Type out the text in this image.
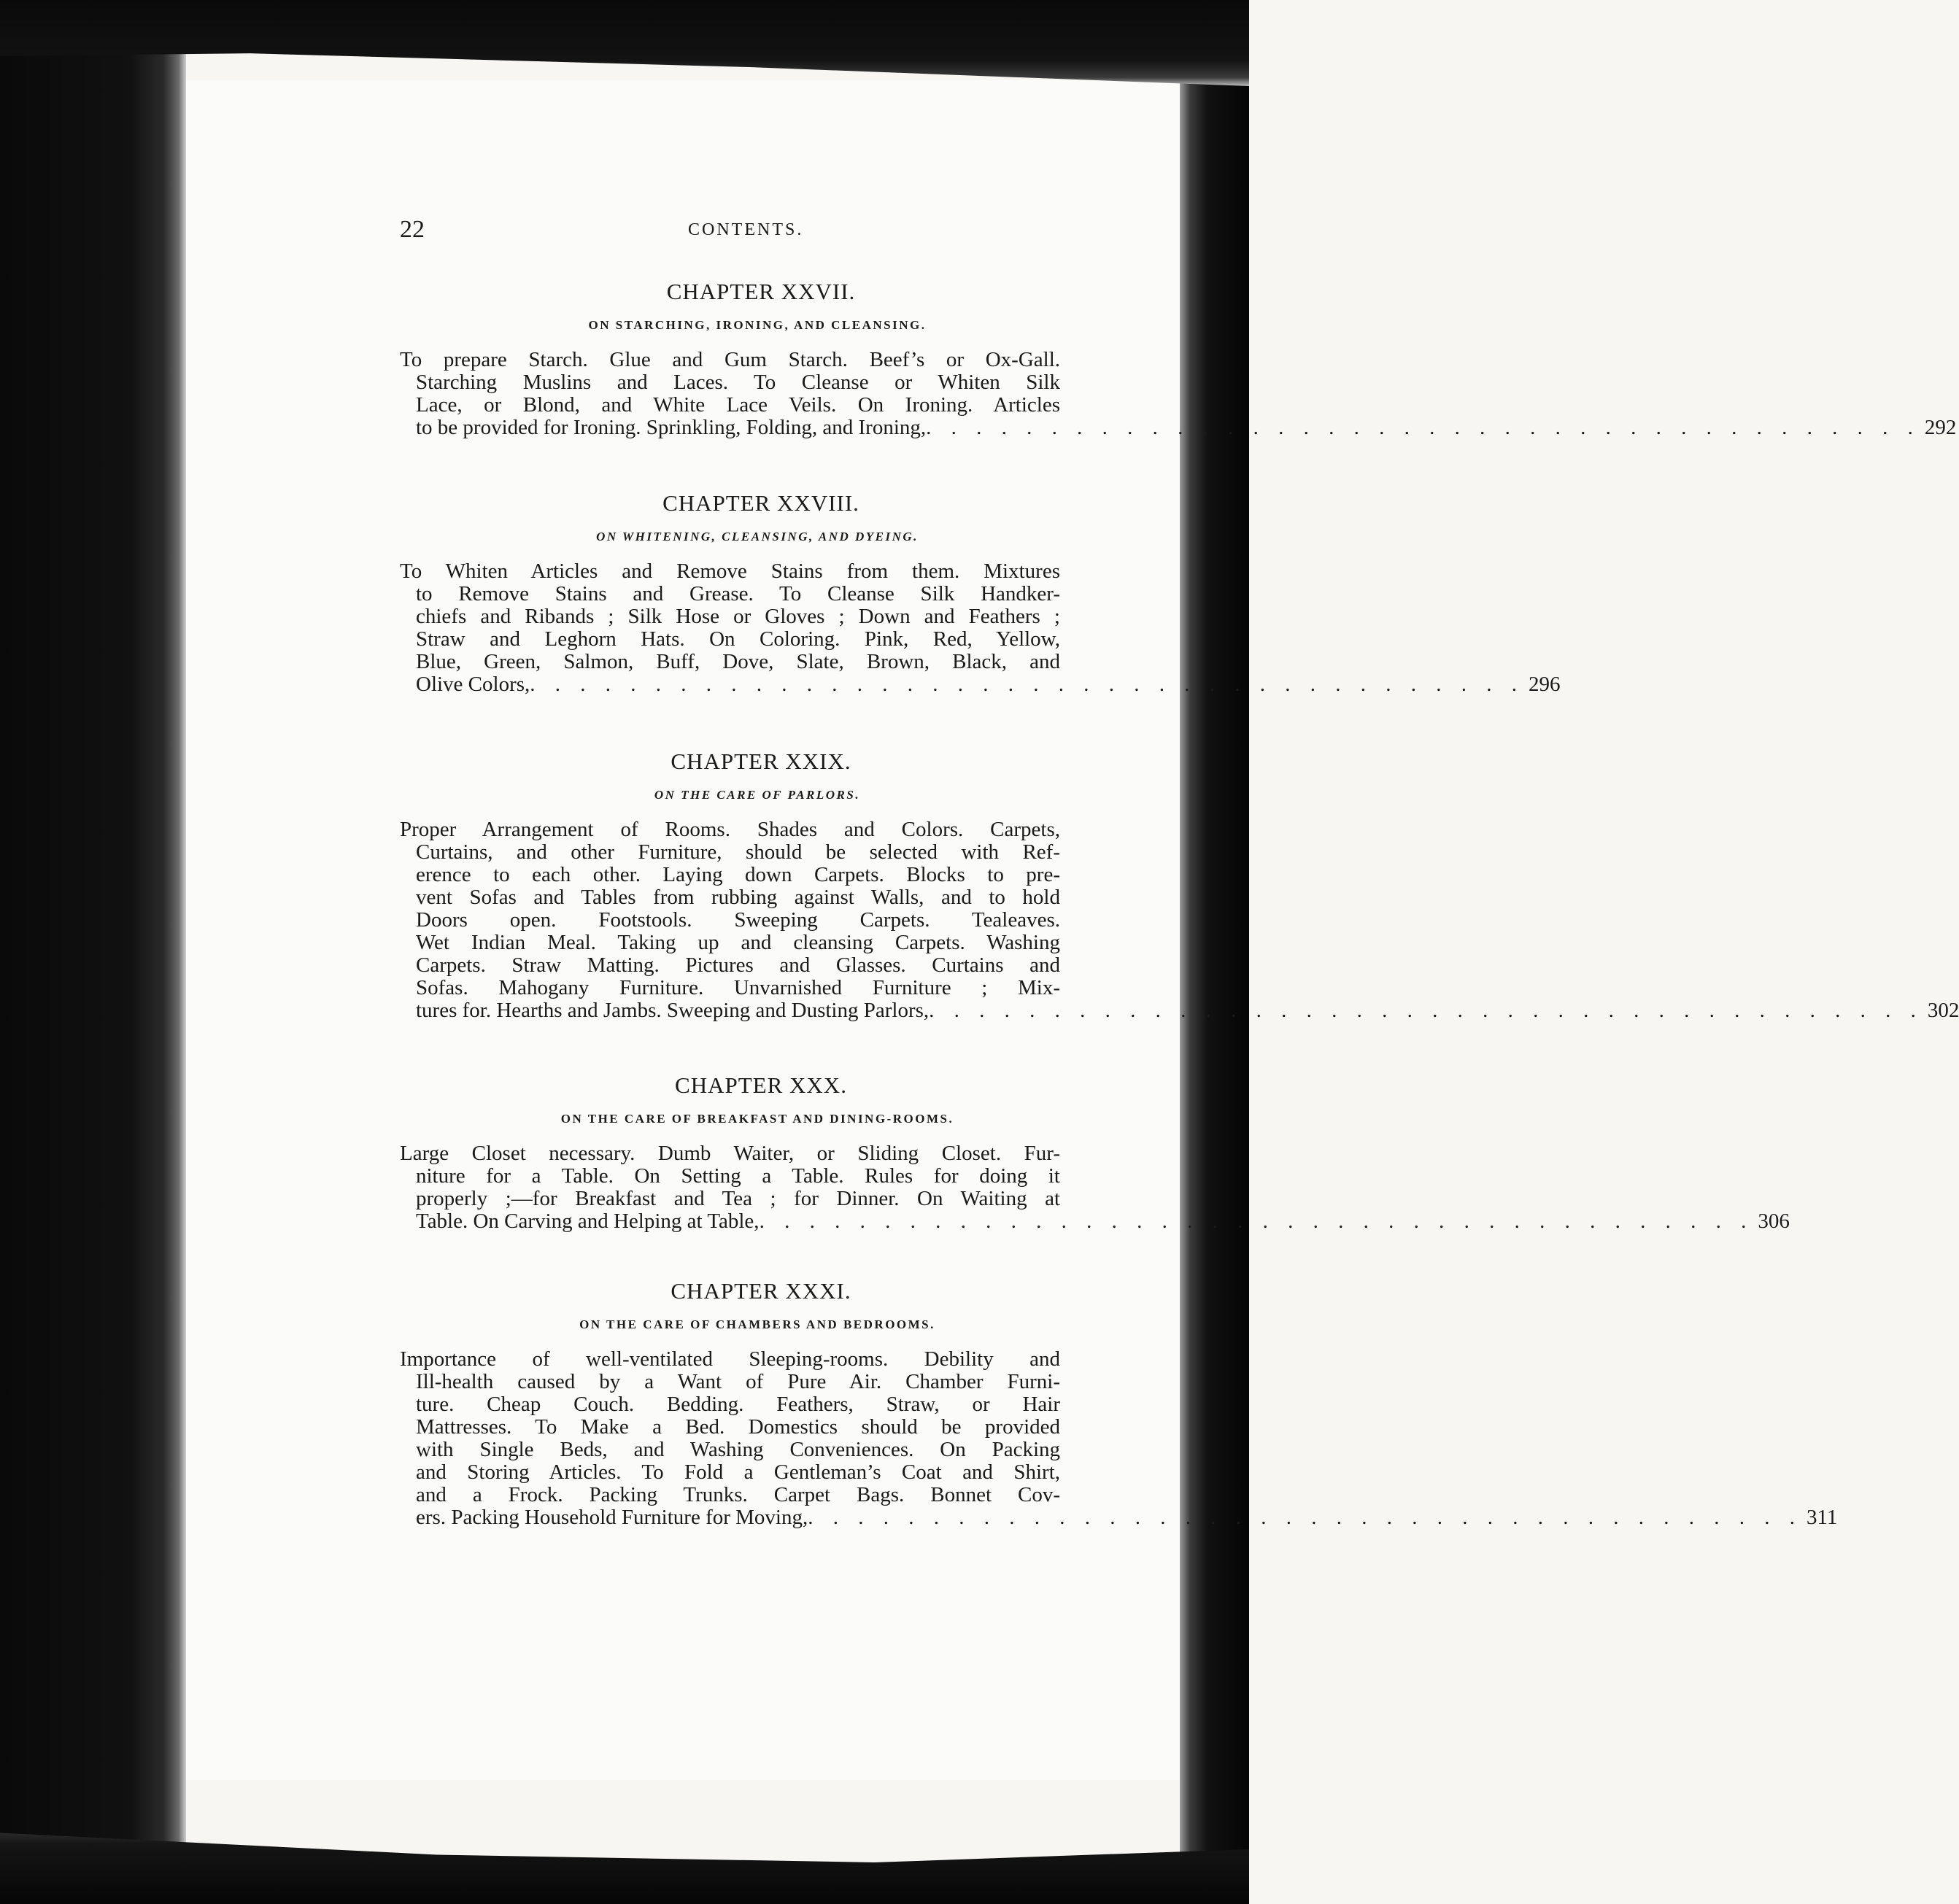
22	CONTENTS.

CHAPTER XXVII.

ON STARCHING, IRONING, AND CLEANSING.
To prepare Starch. Glue and Gum Starch. Beef’s or Ox-Gall.
Starching Muslins and Laces. To Cleanse or Whiten Silk
Lace, or Blond, and White Lace Veils. On Ironing. Articles
to be provided for Ironing. Sprinkling, Folding, and Ironing, . . . . . . . . . . . . . . . . . . . . . . . . . . . . . . . . . . . . . . . . 292

CHAPTER XXVIII.

ON WHITENING, CLEANSING, AND DYEING.
To Whiten Articles and Remove Stains from them. Mixtures
to Remove Stains and Grease. To Cleanse Silk Handker-
chiefs and Ribands ; Silk Hose or Gloves ; Down and Feathers ;
Straw and Leghorn Hats. On Coloring. Pink, Red, Yellow,
Blue, Green, Salmon, Buff, Dove, Slate, Brown, Black, and
Olive Colors, . . . . . . . . . . . . . . . . . . . . . . . . . . . . . . . . . . . . . . . . 296

CHAPTER XXIX.

ON THE CARE OF PARLORS.
Proper Arrangement of Rooms. Shades and Colors. Carpets,
Curtains, and other Furniture, should be selected with Ref-
erence to each other. Laying down Carpets. Blocks to pre-
vent Sofas and Tables from rubbing against Walls, and to hold
Doors open. Footstools. Sweeping Carpets. Tealeaves.
Wet Indian Meal. Taking up and cleansing Carpets. Washing
Carpets. Straw Matting. Pictures and Glasses. Curtains and
Sofas. Mahogany Furniture. Unvarnished Furniture ; Mix-
tures for. Hearths and Jambs. Sweeping and Dusting Parlors, . . . . . . . . . . . . . . . . . . . . . . . . . . . . . . . . . . . . . . . . 302

CHAPTER XXX.

ON THE CARE OF BREAKFAST AND DINING-ROOMS.
Large Closet necessary. Dumb Waiter, or Sliding Closet. Fur-
niture for a Table. On Setting a Table. Rules for doing it
properly ;—for Breakfast and Tea ; for Dinner. On Waiting at
Table. On Carving and Helping at Table, . . . . . . . . . . . . . . . . . . . . . . . . . . . . . . . . . . . . . . . . 306

CHAPTER XXXI.

ON THE CARE OF CHAMBERS AND BEDROOMS.
Importance of well-ventilated Sleeping-rooms. Debility and
Ill-health caused by a Want of Pure Air. Chamber Furni-
ture. Cheap Couch. Bedding. Feathers, Straw, or Hair
Mattresses. To Make a Bed. Domestics should be provided
with Single Beds, and Washing Conveniences. On Packing
and Storing Articles. To Fold a Gentleman’s Coat and Shirt,
and a Frock. Packing Trunks. Carpet Bags. Bonnet Cov-
ers. Packing Household Furniture for Moving, . . . . . . . . . . . . . . . . . . . . . . . . . . . . . . . . . . . . . . . . 311
